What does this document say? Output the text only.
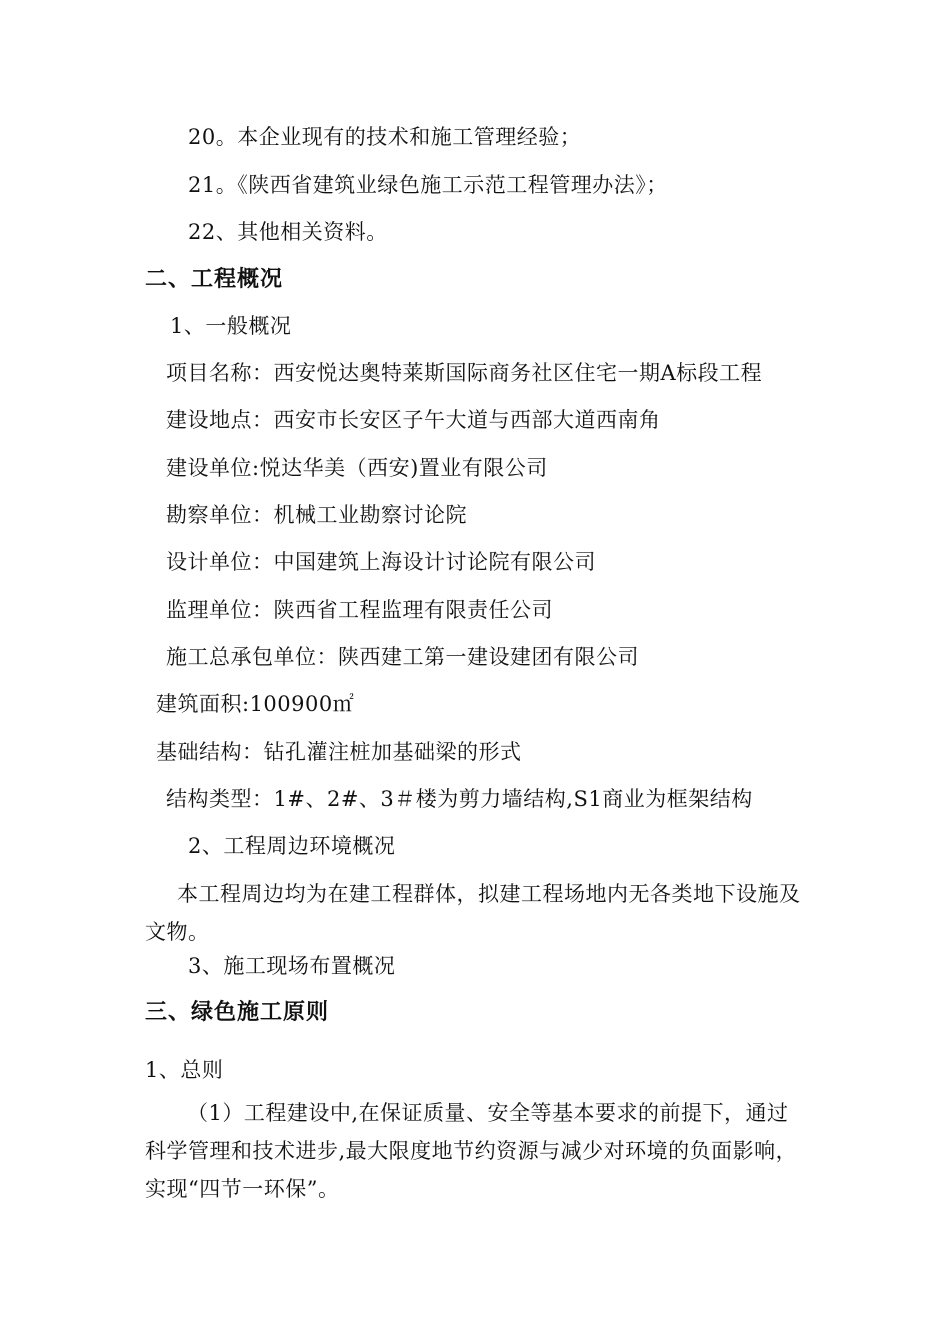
20。本企业现有的技术和施工管理经验；
21。《陕西省建筑业绿色施工示范工程管理办法》；
22、其他相关资料。
二、工程概况
1、一般概况
项目名称：西安悦达奥特莱斯国际商务社区住宅一期A标段工程
建设地点：西安市长安区子午大道与西部大道西南角
建设单位:悦达华美（西安)置业有限公司
勘察单位：机械工业勘察讨论院
设计单位：中国建筑上海设计讨论院有限公司
监理单位：陕西省工程监理有限责任公司
施工总承包单位：陕西建工第一建设建团有限公司
建筑面积:100900㎡
基础结构：钻孔灌注桩加基础梁的形式
结构类型：1#、2#、3＃楼为剪力墙结构,S1商业为框架结构
2、工程周边环境概况
本工程周边均为在建工程群体，拟建工程场地内无各类地下设施及文物。
3、施工现场布置概况
三、绿色施工原则
1、总则
（1）工程建设中,在保证质量、安全等基本要求的前提下，通过科学管理和技术进步,最大限度地节约资源与减少对环境的负面影响，实现“四节一环保”。
